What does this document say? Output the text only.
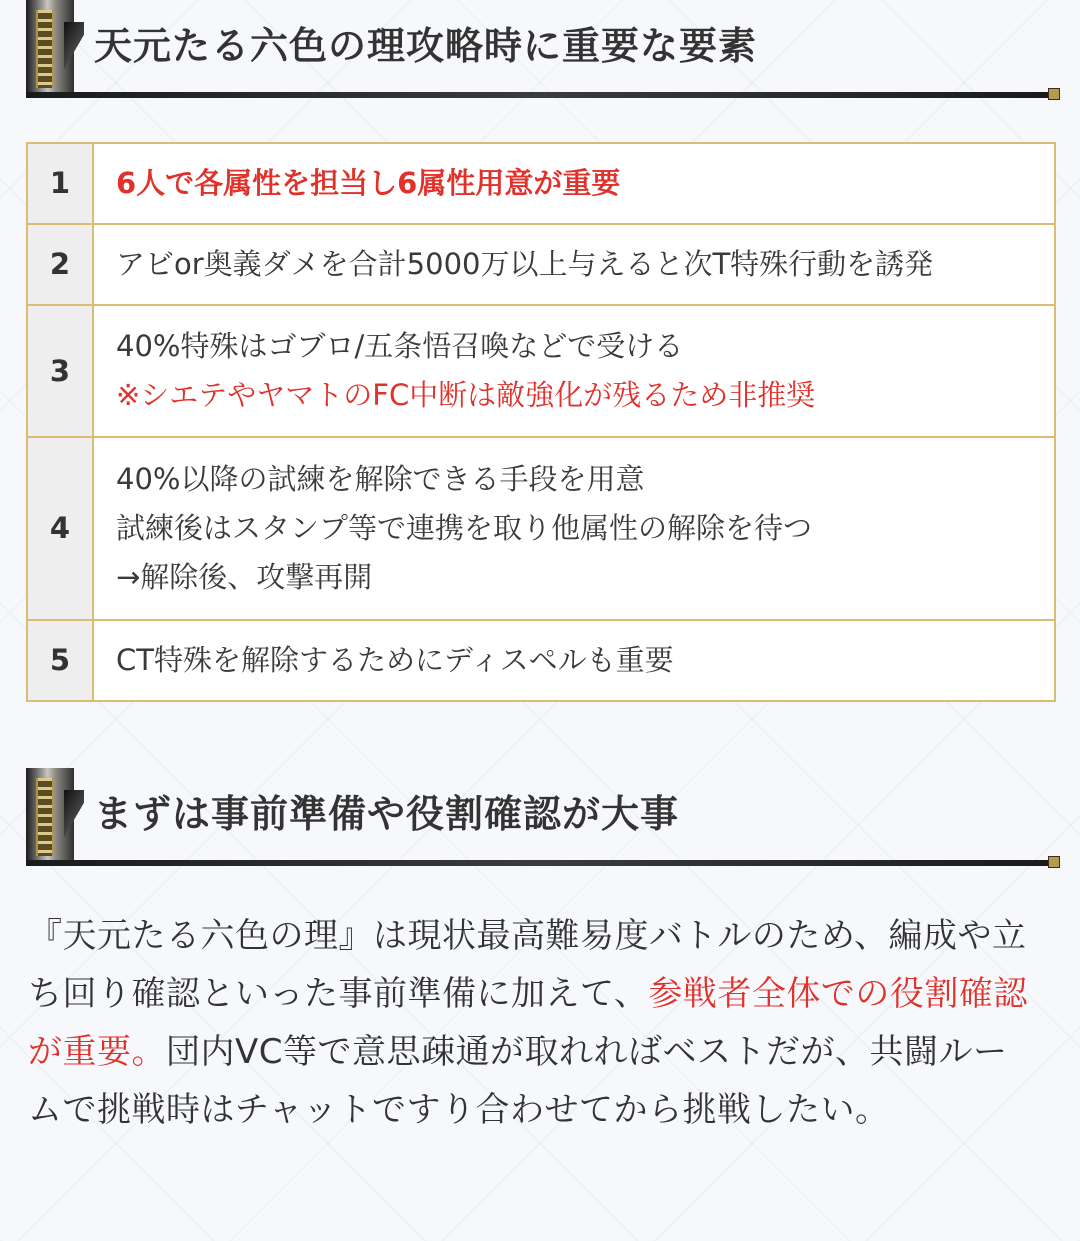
天元たる六色の理攻略時に重要な要素
1	6人で各属性を担当し6属性用意が重要

2	アビor奥義ダメを合計5000万以上与えると次T特殊行動を誘発

3	40%特殊はゴブロ/五条悟召喚などで受ける
※シエテやヤマトのFC中断は敵強化が残るため非推奨

4	40%以降の試練を解除できる手段を用意
試練後はスタンプ等で連携を取り他属性の解除を待つ
→解除後、攻撃再開

5	CT特殊を解除するためにディスペルも重要
まずは事前準備や役割確認が大事

『天元たる六色の理』は現状最高難易度バトルのため、編成や立ち回り確認といった事前準備に加えて、参戦者全体での役割確認が重要。団内VC等で意思疎通が取れればベストだが、共闘ルームで挑戦時はチャットですり合わせてから挑戦したい。
